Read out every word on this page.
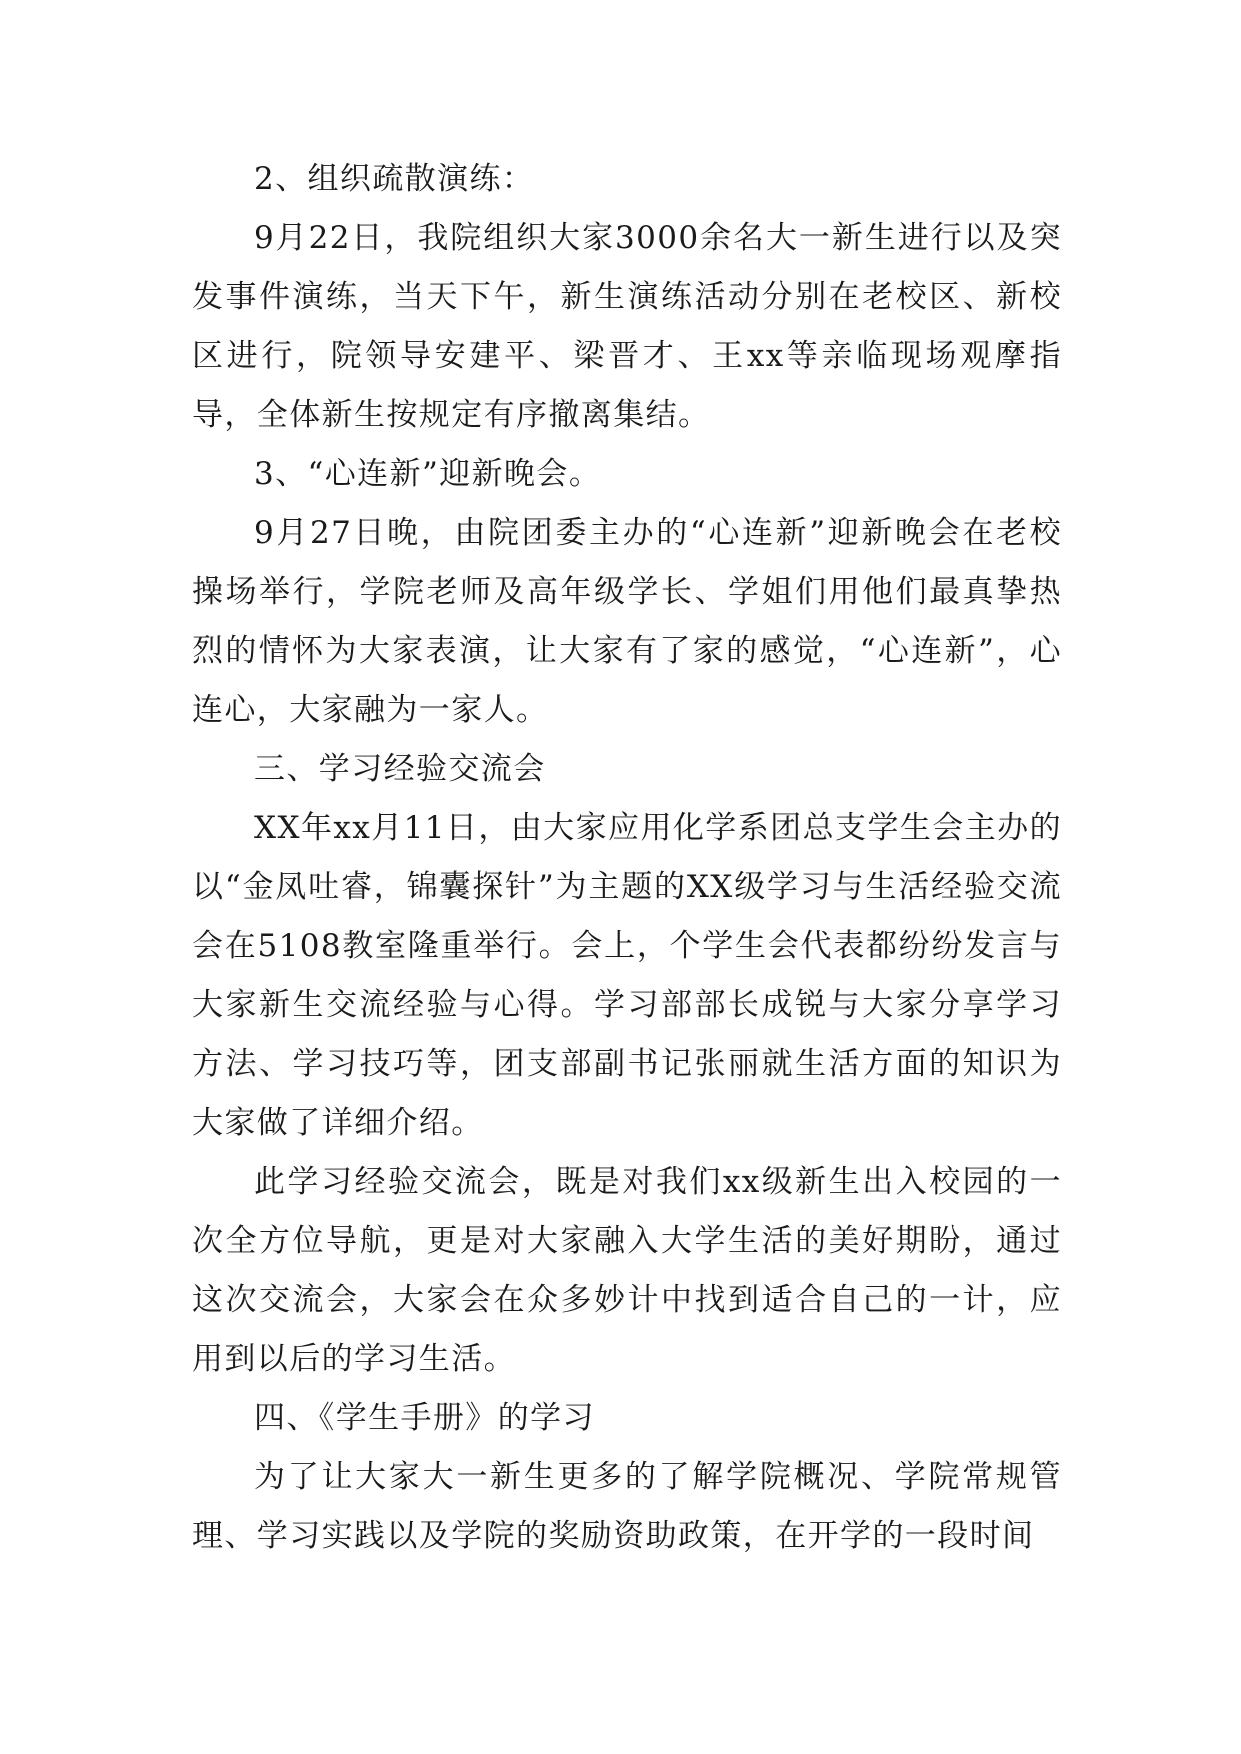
2、组织疏散演练：

9月22日，我院组织大家3000余名大一新生进行以及突发事件演练，当天下午，新生演练活动分别在老校区、新校区进行，院领导安建平、梁晋才、王xx等亲临现场观摩指导，全体新生按规定有序撤离集结。

3、“心连新”迎新晚会。

9月27日晚，由院团委主办的“心连新”迎新晚会在老校操场举行，学院老师及高年级学长、学姐们用他们最真挚热烈的情怀为大家表演，让大家有了家的感觉，“心连新”，心连心，大家融为一家人。

三、学习经验交流会

XX年xx月11日，由大家应用化学系团总支学生会主办的以“金凤吐睿，锦囊探针”为主题的XX级学习与生活经验交流会在5108教室隆重举行。会上，个学生会代表都纷纷发言与大家新生交流经验与心得。学习部部长成锐与大家分享学习方法、学习技巧等，团支部副书记张丽就生活方面的知识为大家做了详细介绍。

此学习经验交流会，既是对我们xx级新生出入校园的一次全方位导航，更是对大家融入大学生活的美好期盼，通过这次交流会，大家会在众多妙计中找到适合自己的一计，应用到以后的学习生活。

四、《学生手册》的学习

为了让大家大一新生更多的了解学院概况、学院常规管理、学习实践以及学院的奖励资助政策，在开学的一段时间
